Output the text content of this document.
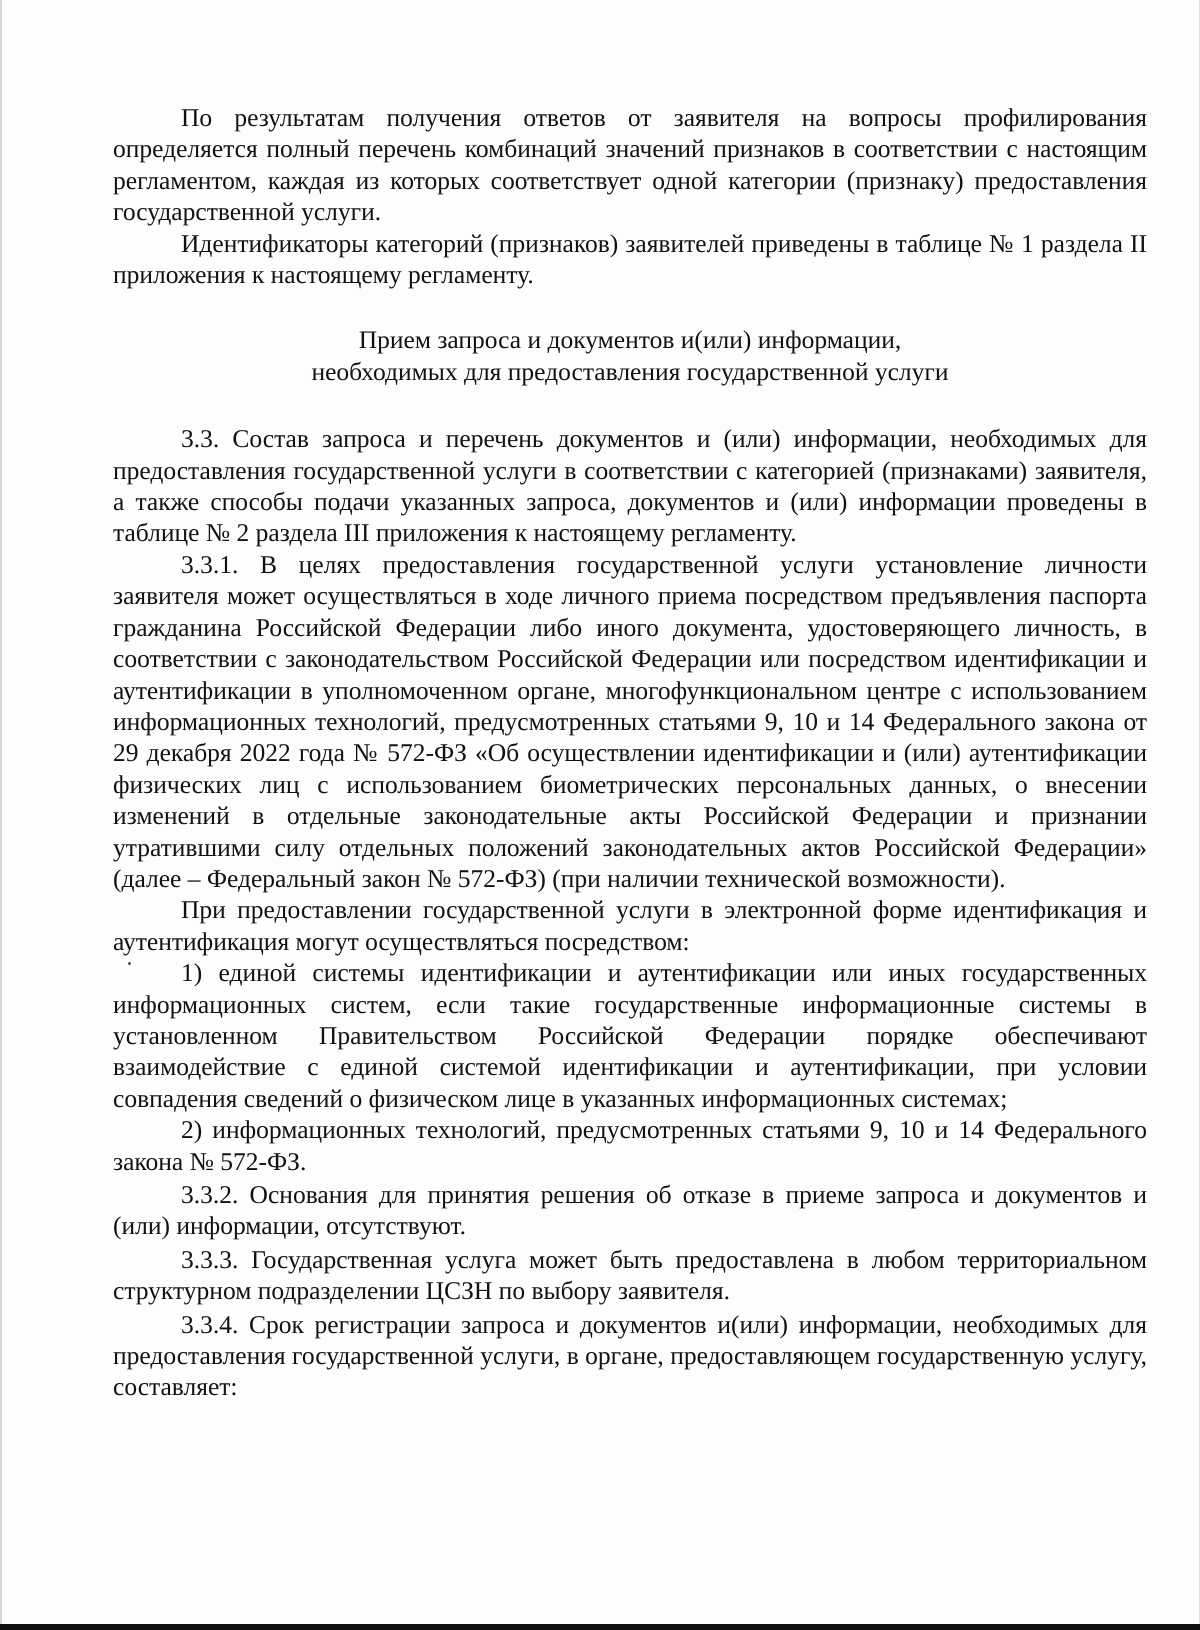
По результатам получения ответов от заявителя на вопросы профилирования определяется полный перечень комбинаций значений признаков в соответствии с настоящим регламентом, каждая из которых соответствует одной категории (признаку) предоставления государственной услуги.

Идентификаторы категорий (признаков) заявителей приведены в таблице № 1 раздела II приложения к настоящему регламенту.

Прием запроса и документов и(или) информации,
необходимых для предоставления государственной услуги

3.3. Состав запроса и перечень документов и (или) информации, необходимых для предоставления государственной услуги в соответствии с категорией (признаками) заявителя, а также способы подачи указанных запроса, документов и (или) информации проведены в таблице № 2 раздела III приложения к настоящему регламенту.

3.3.1. В целях предоставления государственной услуги установление личности заявителя может осуществляться в ходе личного приема посредством предъявления паспорта гражданина Российской Федерации либо иного документа, удостоверяющего личность, в соответствии с законодательством Российской Федерации или посредством идентификации и аутентификации в уполномоченном органе, многофункциональном центре с использованием информационных технологий, предусмотренных статьями 9, 10 и 14 Федерального закона от 29 декабря 2022 года № 572-ФЗ «Об осуществлении идентификации и (или) аутентификации физических лиц с использованием биометрических персональных данных, о внесении изменений в отдельные законодательные акты Российской Федерации и признании утратившими силу отдельных положений законодательных актов Российской Федерации» (далее – Федеральный закон № 572-ФЗ) (при наличии технической возможности).

При предоставлении государственной услуги в электронной форме идентификация и аутентификация могут осуществляться посредством:

1) единой системы идентификации и аутентификации или иных государственных информационных систем, если такие государственные информационные системы в установленном Правительством Российской Федерации порядке обеспечивают взаимодействие с единой системой идентификации и аутентификации, при условии совпадения сведений о физическом лице в указанных информационных системах;

2) информационных технологий, предусмотренных статьями 9, 10 и 14 Федерального закона № 572-ФЗ.

3.3.2. Основания для принятия решения об отказе в приеме запроса и документов и (или) информации, отсутствуют.

3.3.3. Государственная услуга может быть предоставлена в любом территориальном структурном подразделении ЦСЗН по выбору заявителя.

3.3.4. Срок регистрации запроса и документов и(или) информации, необходимых для предоставления государственной услуги, в органе, предоставляющем государственную услугу, составляет:
